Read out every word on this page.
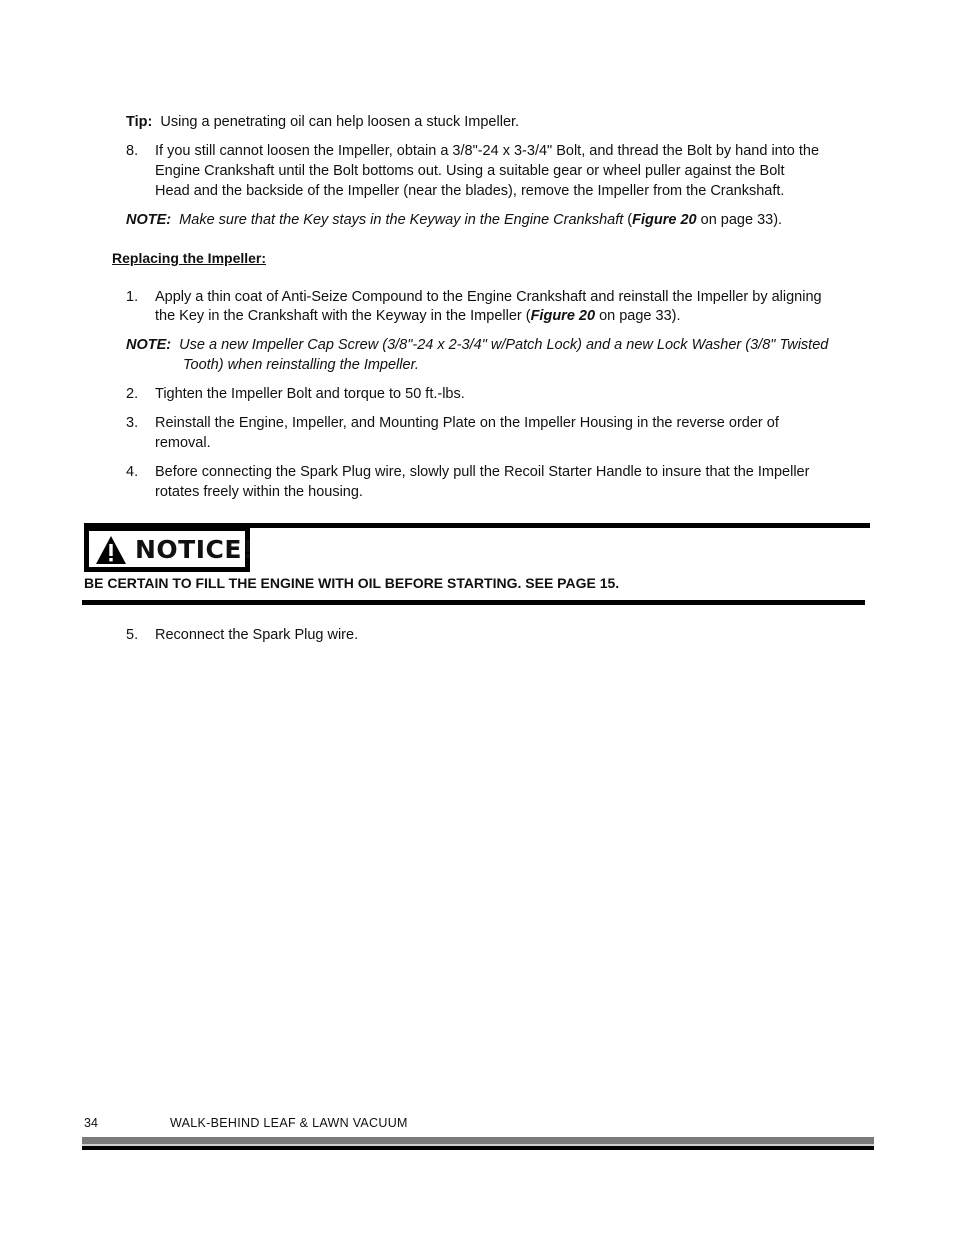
Tip: Using a penetrating oil can help loosen a stuck Impeller.
8. If you still cannot loosen the Impeller, obtain a 3/8"-24 x 3-3/4" Bolt, and thread the Bolt by hand into the
Engine Crankshaft until the Bolt bottoms out. Using a suitable gear or wheel puller against the Bolt
Head and the backside of the Impeller (near the blades), remove the Impeller from the Crankshaft.
NOTE: Make sure that the Key stays in the Keyway in the Engine Crankshaft (Figure 20 on page 33).
Replacing the Impeller:
1. Apply a thin coat of Anti-Seize Compound to the Engine Crankshaft and reinstall the Impeller by aligning
the Key in the Crankshaft with the Keyway in the Impeller (Figure 20 on page 33).
NOTE: Use a new Impeller Cap Screw (3/8"-24 x 2-3/4" w/Patch Lock) and a new Lock Washer (3/8" Twisted
Tooth) when reinstalling the Impeller.
2. Tighten the Impeller Bolt and torque to 50 ft.-lbs.
3. Reinstall the Engine, Impeller, and Mounting Plate on the Impeller Housing in the reverse order of
removal.
4. Before connecting the Spark Plug wire, slowly pull the Recoil Starter Handle to insure that the Impeller
rotates freely within the housing.
NOTICE!
BE CERTAIN TO FILL THE ENGINE WITH OIL BEFORE STARTING. SEE PAGE 15.
5. Reconnect the Spark Plug wire.
34	WALK-BEHIND LEAF & LAWN VACUUM
